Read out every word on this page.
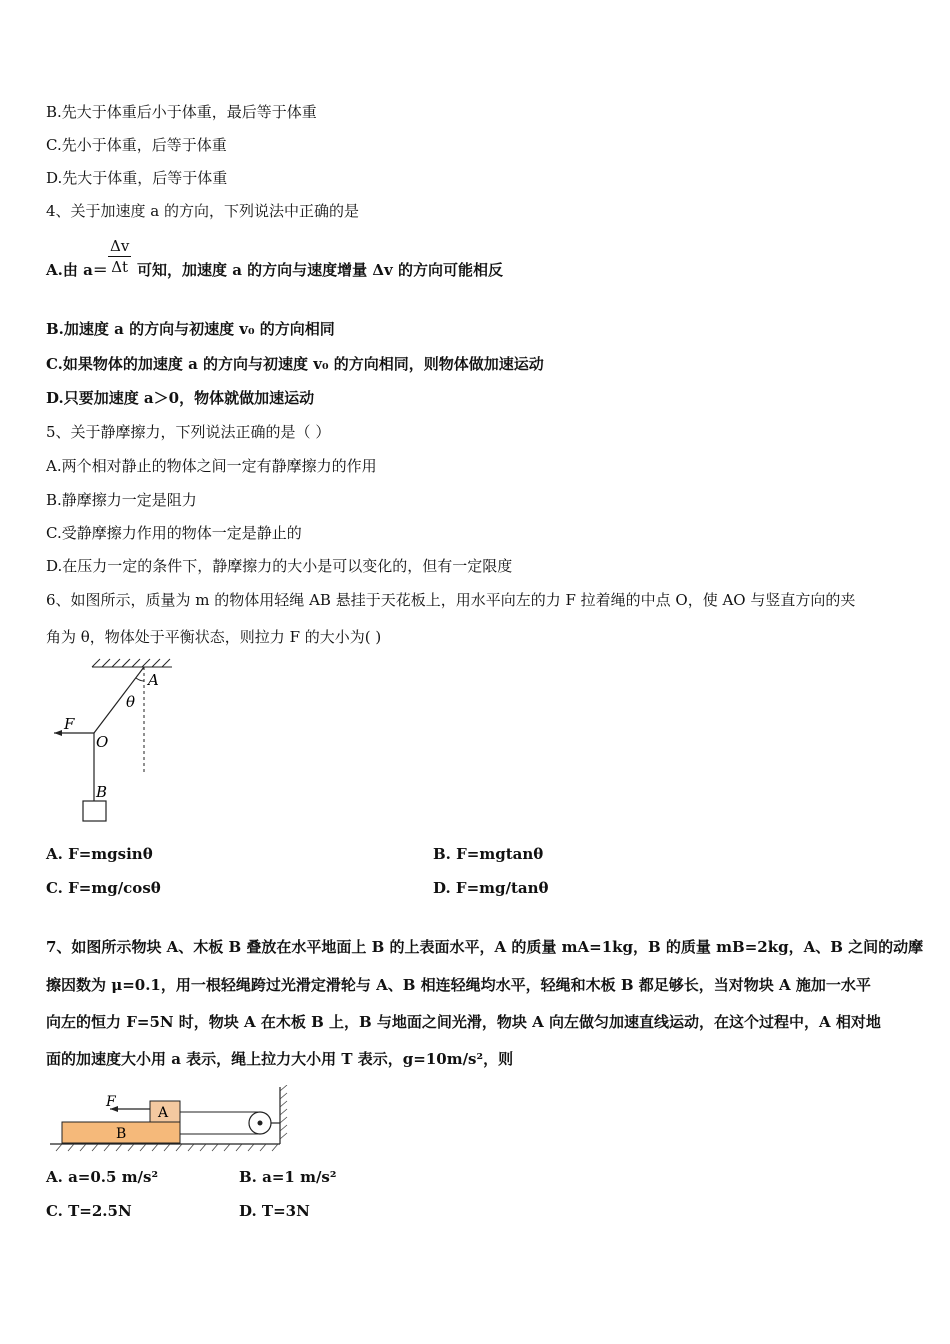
B.先大于体重后小于体重，最后等于体重
C.先小于体重，后等于体重
D.先大于体重，后等于体重
4、关于加速度 a 的方向，下列说法中正确的是
A.由 $a= \frac{\Delta v}{\Delta t}$ 可知，加速度 a 的方向与速度增量 Δv 的方向可能相反
B.加速度 a 的方向与初速度 v₀ 的方向相同
C.如果物体的加速度 a 的方向与初速度 v₀ 的方向相同，则物体做加速运动
D.只要加速度 a＞0，物体就做加速运动
5、关于静摩擦力，下列说法正确的是（ ）
A.两个相对静止的物体之间一定有静摩擦力的作用
B.静摩擦力一定是阻力
C.受静摩擦力作用的物体一定是静止的
D.在压力一定的条件下，静摩擦力的大小是可以变化的，但有一定限度
6、如图所示，质量为 m 的物体用轻绳 AB 悬挂于天花板上，用水平向左的力 F 拉着绳的中点 O，使 AO 与竖直方向的夹
角为 θ，物体处于平衡状态，则拉力 F 的大小为( )
A
θ
F
O
B
A. F=mgsinθ	B. F=mgtanθ
C. F=mg/cosθ	D. F=mg/tanθ
7、如图所示物块 A、木板 B 叠放在水平地面上 B 的上表面水平，A 的质量 mA=1kg，B 的质量 mB=2kg，A、B 之间的动摩
擦因数为 μ=0.1，用一根轻绳跨过光滑定滑轮与 A、B 相连轻绳均水平，轻绳和木板 B 都足够长，当对物块 A 施加一水平
向左的恒力 F=5N 时，物块 A 在木板 B 上，B 与地面之间光滑，物块 A 向左做匀加速直线运动，在这个过程中，A 相对地
面的加速度大小用 a 表示，绳上拉力大小用 T 表示，g=10m/s²，则
F
A
B
A. a=0.5 m/s²	B. a=1 m/s²
C. T=2.5N	D. T=3N
